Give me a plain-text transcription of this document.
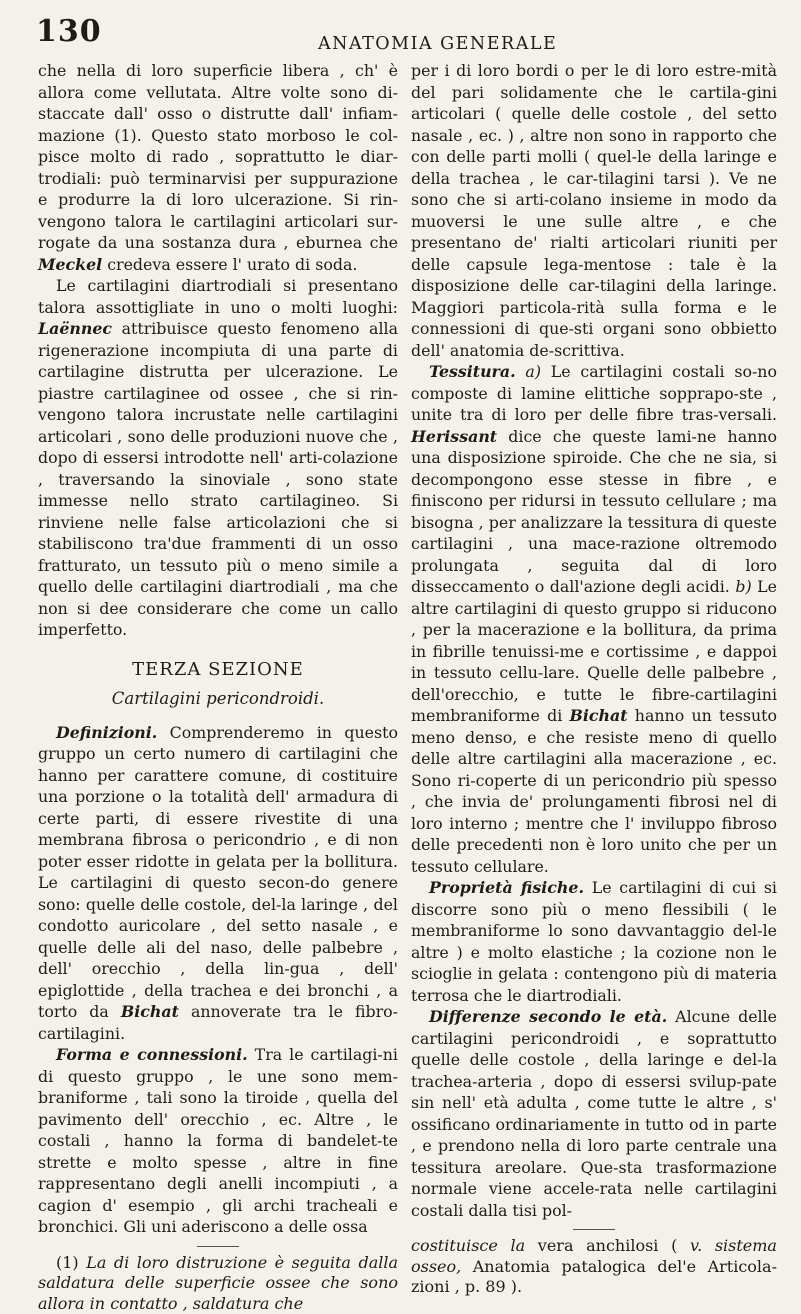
130	ANATOMIA GENERALE

che nella di loro superficie libera , ch' è allora come vellutata. Altre volte sono di-staccate dall' osso o distrutte dall' infiam-mazione (1). Questo stato morboso le col-pisce molto di rado , soprattutto le diar-trodiali: può terminarvisi per suppurazione e produrre la di loro ulcerazione. Si rin-vengono talora le cartilagini articolari sur-rogate da una sostanza dura , eburnea che Meckel credeva essere l' urato di soda.

Le cartilagini diartrodiali si presentano talora assottigliate in uno o molti luoghi: Laënnec attribuisce questo fenomeno alla rigenerazione incompiuta di una parte di cartilagine distrutta per ulcerazione. Le piastre cartilaginee od ossee , che si rin-vengono talora incrustate nelle cartilagini articolari , sono delle produzioni nuove che , dopo di essersi introdotte nell' arti-colazione , traversando la sinoviale , sono state immesse nello strato cartilagineo. Si rinviene nelle false articolazioni che si stabiliscono tra'due frammenti di un osso fratturato, un tessuto più o meno simile a quello delle cartilagini diartrodiali , ma che non si dee considerare che come un callo imperfetto.

TERZA SEZIONE
Cartilagini pericondroidi.

Definizioni. Comprenderemo in questo gruppo un certo numero di cartilagini che hanno per carattere comune, di costituire una porzione o la totalità dell' armadura di certe parti, di essere rivestite di una membrana fibrosa o pericondrio , e di non poter esser ridotte in gelata per la bollitura. Le cartilagini di questo secon-do genere sono: quelle delle costole, del-la laringe , del condotto auricolare , del setto nasale , e quelle delle ali del naso, delle palbebre , dell' orecchio , della lin-gua , dell' epiglottide , della trachea e dei bronchi , a torto da Bichat annoverate tra le fibro-cartilagini.

Forma e connessioni. Tra le cartilagi-ni di questo gruppo , le une sono mem-braniforme , tali sono la tiroide , quella del pavimento dell' orecchio , ec. Altre , le costali , hanno la forma di bandelet-te strette e molto spesse , altre in fine rappresentano degli anelli incompiuti , a cagion d' esempio , gli archi tracheali e bronchici. Gli uni aderiscono a delle ossa

(1) La di loro distruzione è seguita dalla saldatura delle superficie ossee che sono allora in contatto , saldatura che

per i di loro bordi o per le di loro estre-mità del pari solidamente che le cartila-gini articolari ( quelle delle costole , del setto nasale , ec. ) , altre non sono in rapporto che con delle parti molli ( quel-le della laringe e della trachea , le car-tilagini tarsi ). Ve ne sono che si arti-colano insieme in modo da muoversi le une sulle altre , e che presentano de' rialti articolari riuniti per delle capsule lega-mentose : tale è la disposizione delle car-tilagini della laringe. Maggiori particola-rità sulla forma e le connessioni di que-sti organi sono obbietto dell' anatomia de-scrittiva.

Tessitura. a) Le cartilagini costali so-no composte di lamine elittiche sopprapo-ste , unite tra di loro per delle fibre tras-versali. Herissant dice che queste lami-ne hanno una disposizione spiroide. Che che ne sia, si decompongono esse stesse in fibre , e finiscono per ridursi in tessuto cellulare ; ma bisogna , per analizzare la tessitura di queste cartilagini , una mace-razione oltremodo prolungata , seguita dal di loro disseccamento o dall'azione degli acidi. b) Le altre cartilagini di questo gruppo si riducono , per la macerazione e la bollitura, da prima in fibrille tenuissi-me e cortissime , e dappoi in tessuto cellu-lare. Quelle delle palbebre , dell'orecchio, e tutte le fibre-cartilagini membraniforme di Bichat hanno un tessuto meno denso, e che resiste meno di quello delle altre cartilagini alla macerazione , ec. Sono ri-coperte di un pericondrio più spesso , che invia de' prolungamenti fibrosi nel di loro interno ; mentre che l' inviluppo fibroso delle precedenti non è loro unito che per un tessuto cellulare.

Proprietà fisiche. Le cartilagini di cui si discorre sono più o meno flessibili ( le membraniforme lo sono davvantaggio del-le altre ) e molto elastiche ; la cozione non le scioglie in gelata : contengono più di materia terrosa che le diartrodiali.

Differenze secondo le età. Alcune delle cartilagini pericondroidi , e soprattutto quelle delle costole , della laringe e del-la trachea-arteria , dopo di essersi svilup-pate sin nell' età adulta , come tutte le altre , s' ossificano ordinariamente in tutto od in parte , e prendono nella di loro parte centrale una tessitura areolare. Que-sta trasformazione normale viene accele-rata nelle cartilagini costali dalla tisi pol-

costituisce la vera anchilosi ( v. sistema osseo, Anatomia patalogica del'e Articola-zioni , p. 89 ).
